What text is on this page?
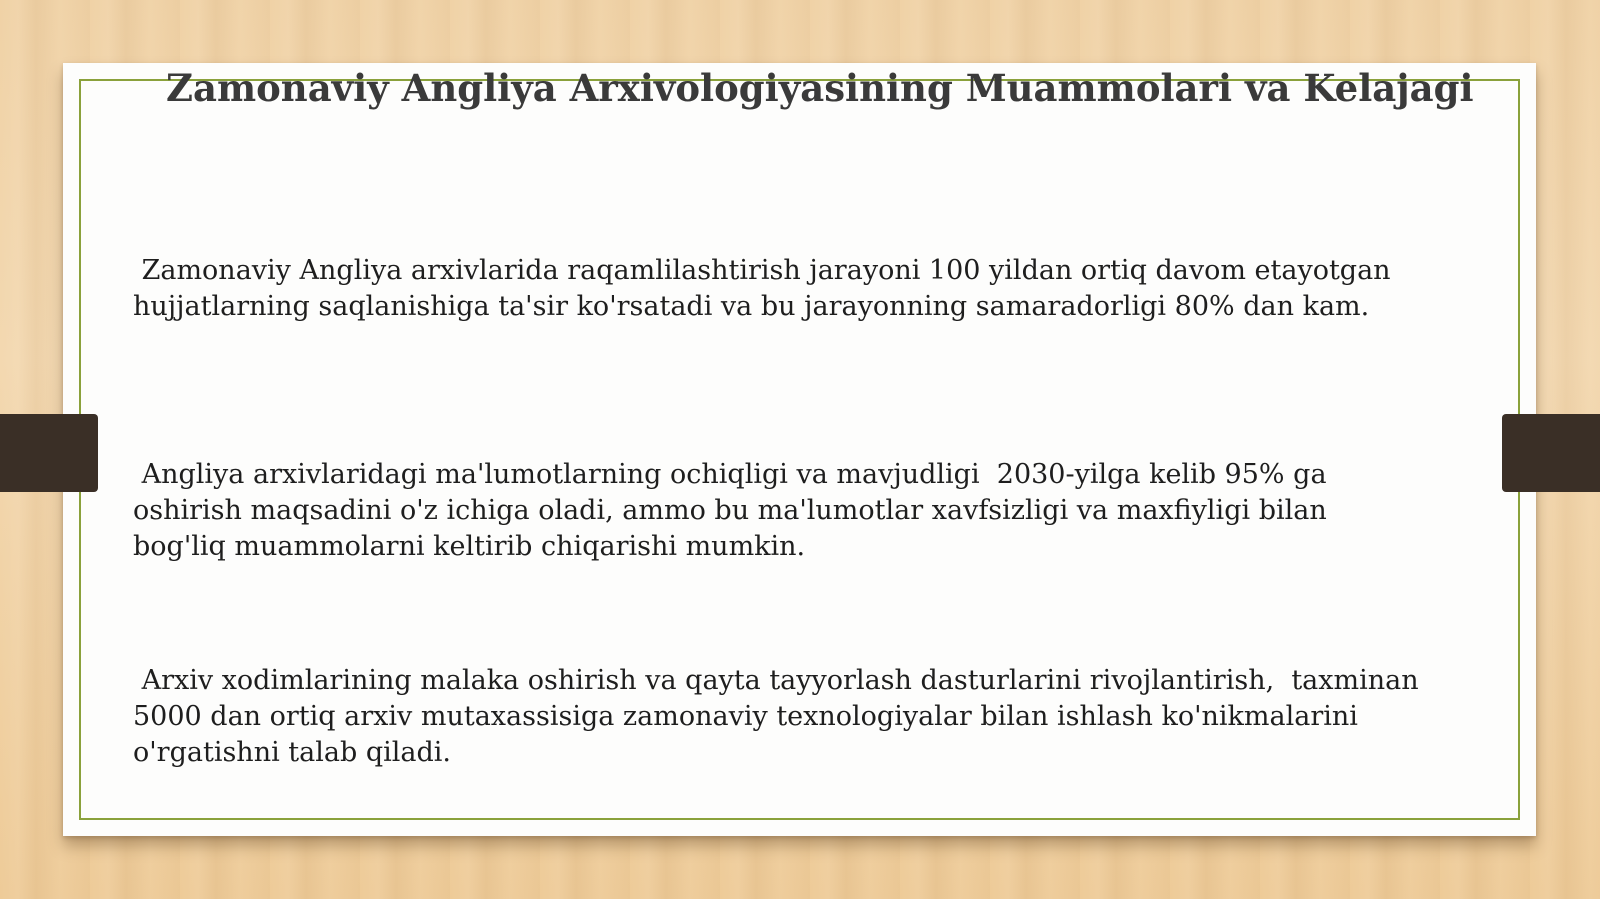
Zamonaviy Angliya Arxivologiyasining Muammolari va Kelajagi

Zamonaviy Angliya arxivlarida raqamlilashtirish jarayoni 100 yildan ortiq davom etayotgan
hujjatlarning saqlanishiga ta'sir ko'rsatadi va bu jarayonning samaradorligi 80% dan kam.

Angliya arxivlaridagi ma'lumotlarning ochiqligi va mavjudligi  2030-yilga kelib 95% ga
oshirish maqsadini o'z ichiga oladi, ammo bu ma'lumotlar xavfsizligi va maxfiyligi bilan
bog'liq muammolarni keltirib chiqarishi mumkin.

Arxiv xodimlarining malaka oshirish va qayta tayyorlash dasturlarini rivojlantirish,  taxminan
5000 dan ortiq arxiv mutaxassisiga zamonaviy texnologiyalar bilan ishlash ko'nikmalarini
o'rgatishni talab qiladi.
